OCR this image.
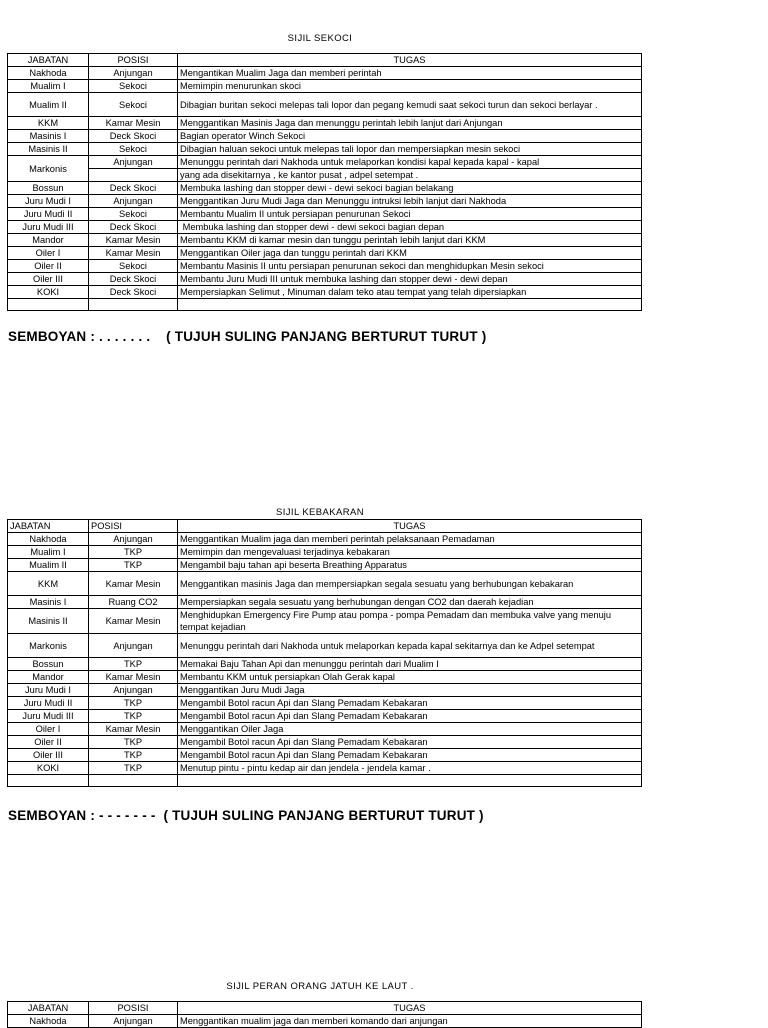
SIJIL SEKOCI
JABATAN	POSISI	TUGAS
Nakhoda	Anjungan	Mengantikan Mualim Jaga dan memberi perintah
Mualim I	Sekoci	Memimpin menurunkan skoci
Mualim II	Sekoci	Dibagian buritan sekoci melepas tali lopor dan pegang kemudi saat sekoci turun dan sekoci berlayar .
KKM	Kamar Mesin	Menggantikan Masinis Jaga dan menunggu perintah lebih lanjut dari Anjungan
Masinis I	Deck Skoci	Bagian operator Winch Sekoci
Masinis II	Sekoci	Dibagian haluan sekoci untuk melepas tali lopor dan mempersiapkan mesin sekoci
Markonis	Anjungan	Menunggu perintah dari Nakhoda untuk melaporkan kondisi kapal kepada kapal - kapal
		yang ada disekitarnya , ke kantor pusat , adpel setempat .
Bossun	Deck Skoci	Membuka lashing dan stopper dewi - dewi sekoci bagian belakang
Juru Mudi I	Anjungan	Menggantikan Juru Mudi Jaga dan Menunggu intruksi lebih lanjut dari Nakhoda
Juru Mudi II	Sekoci	Membantu Mualim II untuk persiapan penurunan Sekoci
Juru Mudi III	Deck Skoci	Membuka lashing dan stopper dewi - dewi sekoci bagian depan
Mandor	Kamar Mesin	Membantu KKM di kamar mesin dan tunggu perintah lebih lanjut dari KKM
Oiler I	Kamar Mesin	Menggantikan Oiler jaga dan tunggu perintah dari KKM
Oiler II	Sekoci	Membantu Masinis II untu persiapan penurunan sekoci dan menghidupkan Mesin sekoci
Oiler III	Deck Skoci	Membantu Juru Mudi III untuk membuka lashing dan stopper dewi - dewi depan
KOKI	Deck Skoci	Mempersiapkan Selimut , Minuman dalam teko atau tempat yang telah dipersiapkan

SEMBOYAN : . . . . . . .    ( TUJUH SULING PANJANG BERTURUT TURUT )
SIJIL KEBAKARAN
JABATAN	POSISI	TUGAS
Nakhoda	Anjungan	Menggantikan Mualim jaga dan memberi perintah pelaksanaan Pemadaman
Mualim I	TKP	Memimpin dan mengevaluasi terjadinya kebakaran
Mualim II	TKP	Mengambil baju tahan api beserta Breathing Apparatus
KKM	Kamar Mesin	Menggantikan masinis Jaga dan mempersiapkan segala sesuatu yang berhubungan kebakaran
Masinis I	Ruang CO2	Mempersiapkan segala sesuatu yang berhubungan dengan CO2 dan daerah kejadian
Masinis II	Kamar Mesin	Menghidupkan Emergency Fire Pump atau pompa - pompa Pemadam dan membuka valve yang menuju tempat kejadian
Markonis	Anjungan	Menunggu perintah dari Nakhoda untuk melaporkan kepada kapal sekitarnya dan ke Adpel setempat
Bossun	TKP	Memakai Baju Tahan Api dan menunggu perintah dari Mualim I
Mandor	Kamar Mesin	Membantu KKM untuk persiapkan Olah Gerak kapal
Juru Mudi I	Anjungan	Menggantikan Juru Mudi Jaga
Juru Mudi II	TKP	Mengambil Botol racun Api dan Slang Pemadam Kebakaran
Juru Mudi III	TKP	Mengambil Botol racun Api dan Slang Pemadam Kebakaran
Oiler I	Kamar Mesin	Menggantikan Oiler Jaga
Oiler II	TKP	Mengambil Botol racun Api dan Slang Pemadam Kebakaran
Oiler III	TKP	Mengambil Botol racun Api dan Slang Pemadam Kebakaran
KOKI	TKP	Menutup pintu - pintu kedap air dan jendela - jendela kamar .

SEMBOYAN : - - - - - - -  ( TUJUH SULING PANJANG BERTURUT TURUT )
SIJIL PERAN ORANG JATUH KE LAUT .
JABATAN	POSISI	TUGAS
Nakhoda	Anjungan	Menggantikan mualim jaga dan memberi komando dari anjungan
